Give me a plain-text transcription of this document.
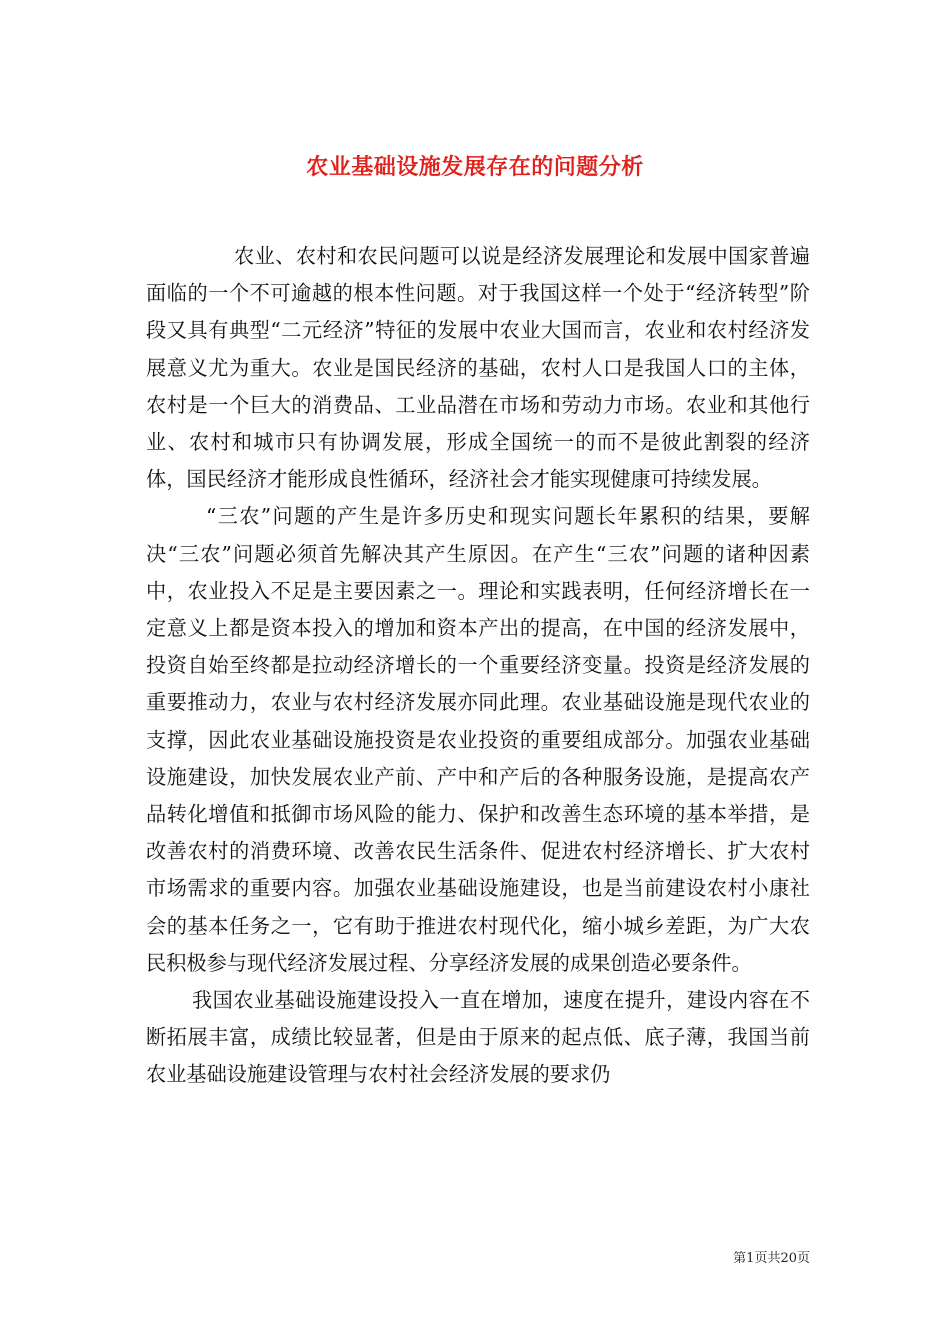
农业基础设施发展存在的问题分析

农业、农村和农民问题可以说是经济发展理论和发展中国家普遍面临的一个不可逾越的根本性问题。对于我国这样一个处于“经济转型”阶段又具有典型“二元经济”特征的发展中农业大国而言，农业和农村经济发展意义尤为重大。农业是国民经济的基础，农村人口是我国人口的主体，农村是一个巨大的消费品、工业品潜在市场和劳动力市场。农业和其他行业、农村和城市只有协调发展，形成全国统一的而不是彼此割裂的经济体，国民经济才能形成良性循环，经济社会才能实现健康可持续发展。

“三农”问题的产生是许多历史和现实问题长年累积的结果，要解决“三农”问题必须首先解决其产生原因。在产生“三农”问题的诸种因素中，农业投入不足是主要因素之一。理论和实践表明，任何经济增长在一定意义上都是资本投入的增加和资本产出的提高，在中国的经济发展中，投资自始至终都是拉动经济增长的一个重要经济变量。投资是经济发展的重要推动力，农业与农村经济发展亦同此理。农业基础设施是现代农业的支撑，因此农业基础设施投资是农业投资的重要组成部分。加强农业基础设施建设，加快发展农业产前、产中和产后的各种服务设施，是提高农产品转化增值和抵御市场风险的能力、保护和改善生态环境的基本举措，是改善农村的消费环境、改善农民生活条件、促进农村经济增长、扩大农村市场需求的重要内容。加强农业基础设施建设，也是当前建设农村小康社会的基本任务之一，它有助于推进农村现代化，缩小城乡差距，为广大农民积极参与现代经济发展过程、分享经济发展的成果创造必要条件。

我国农业基础设施建设投入一直在增加，速度在提升，建设内容在不断拓展丰富，成绩比较显著，但是由于原来的起点低、底子薄，我国当前农业基础设施建设管理与农村社会经济发展的要求仍

第1页共20页
